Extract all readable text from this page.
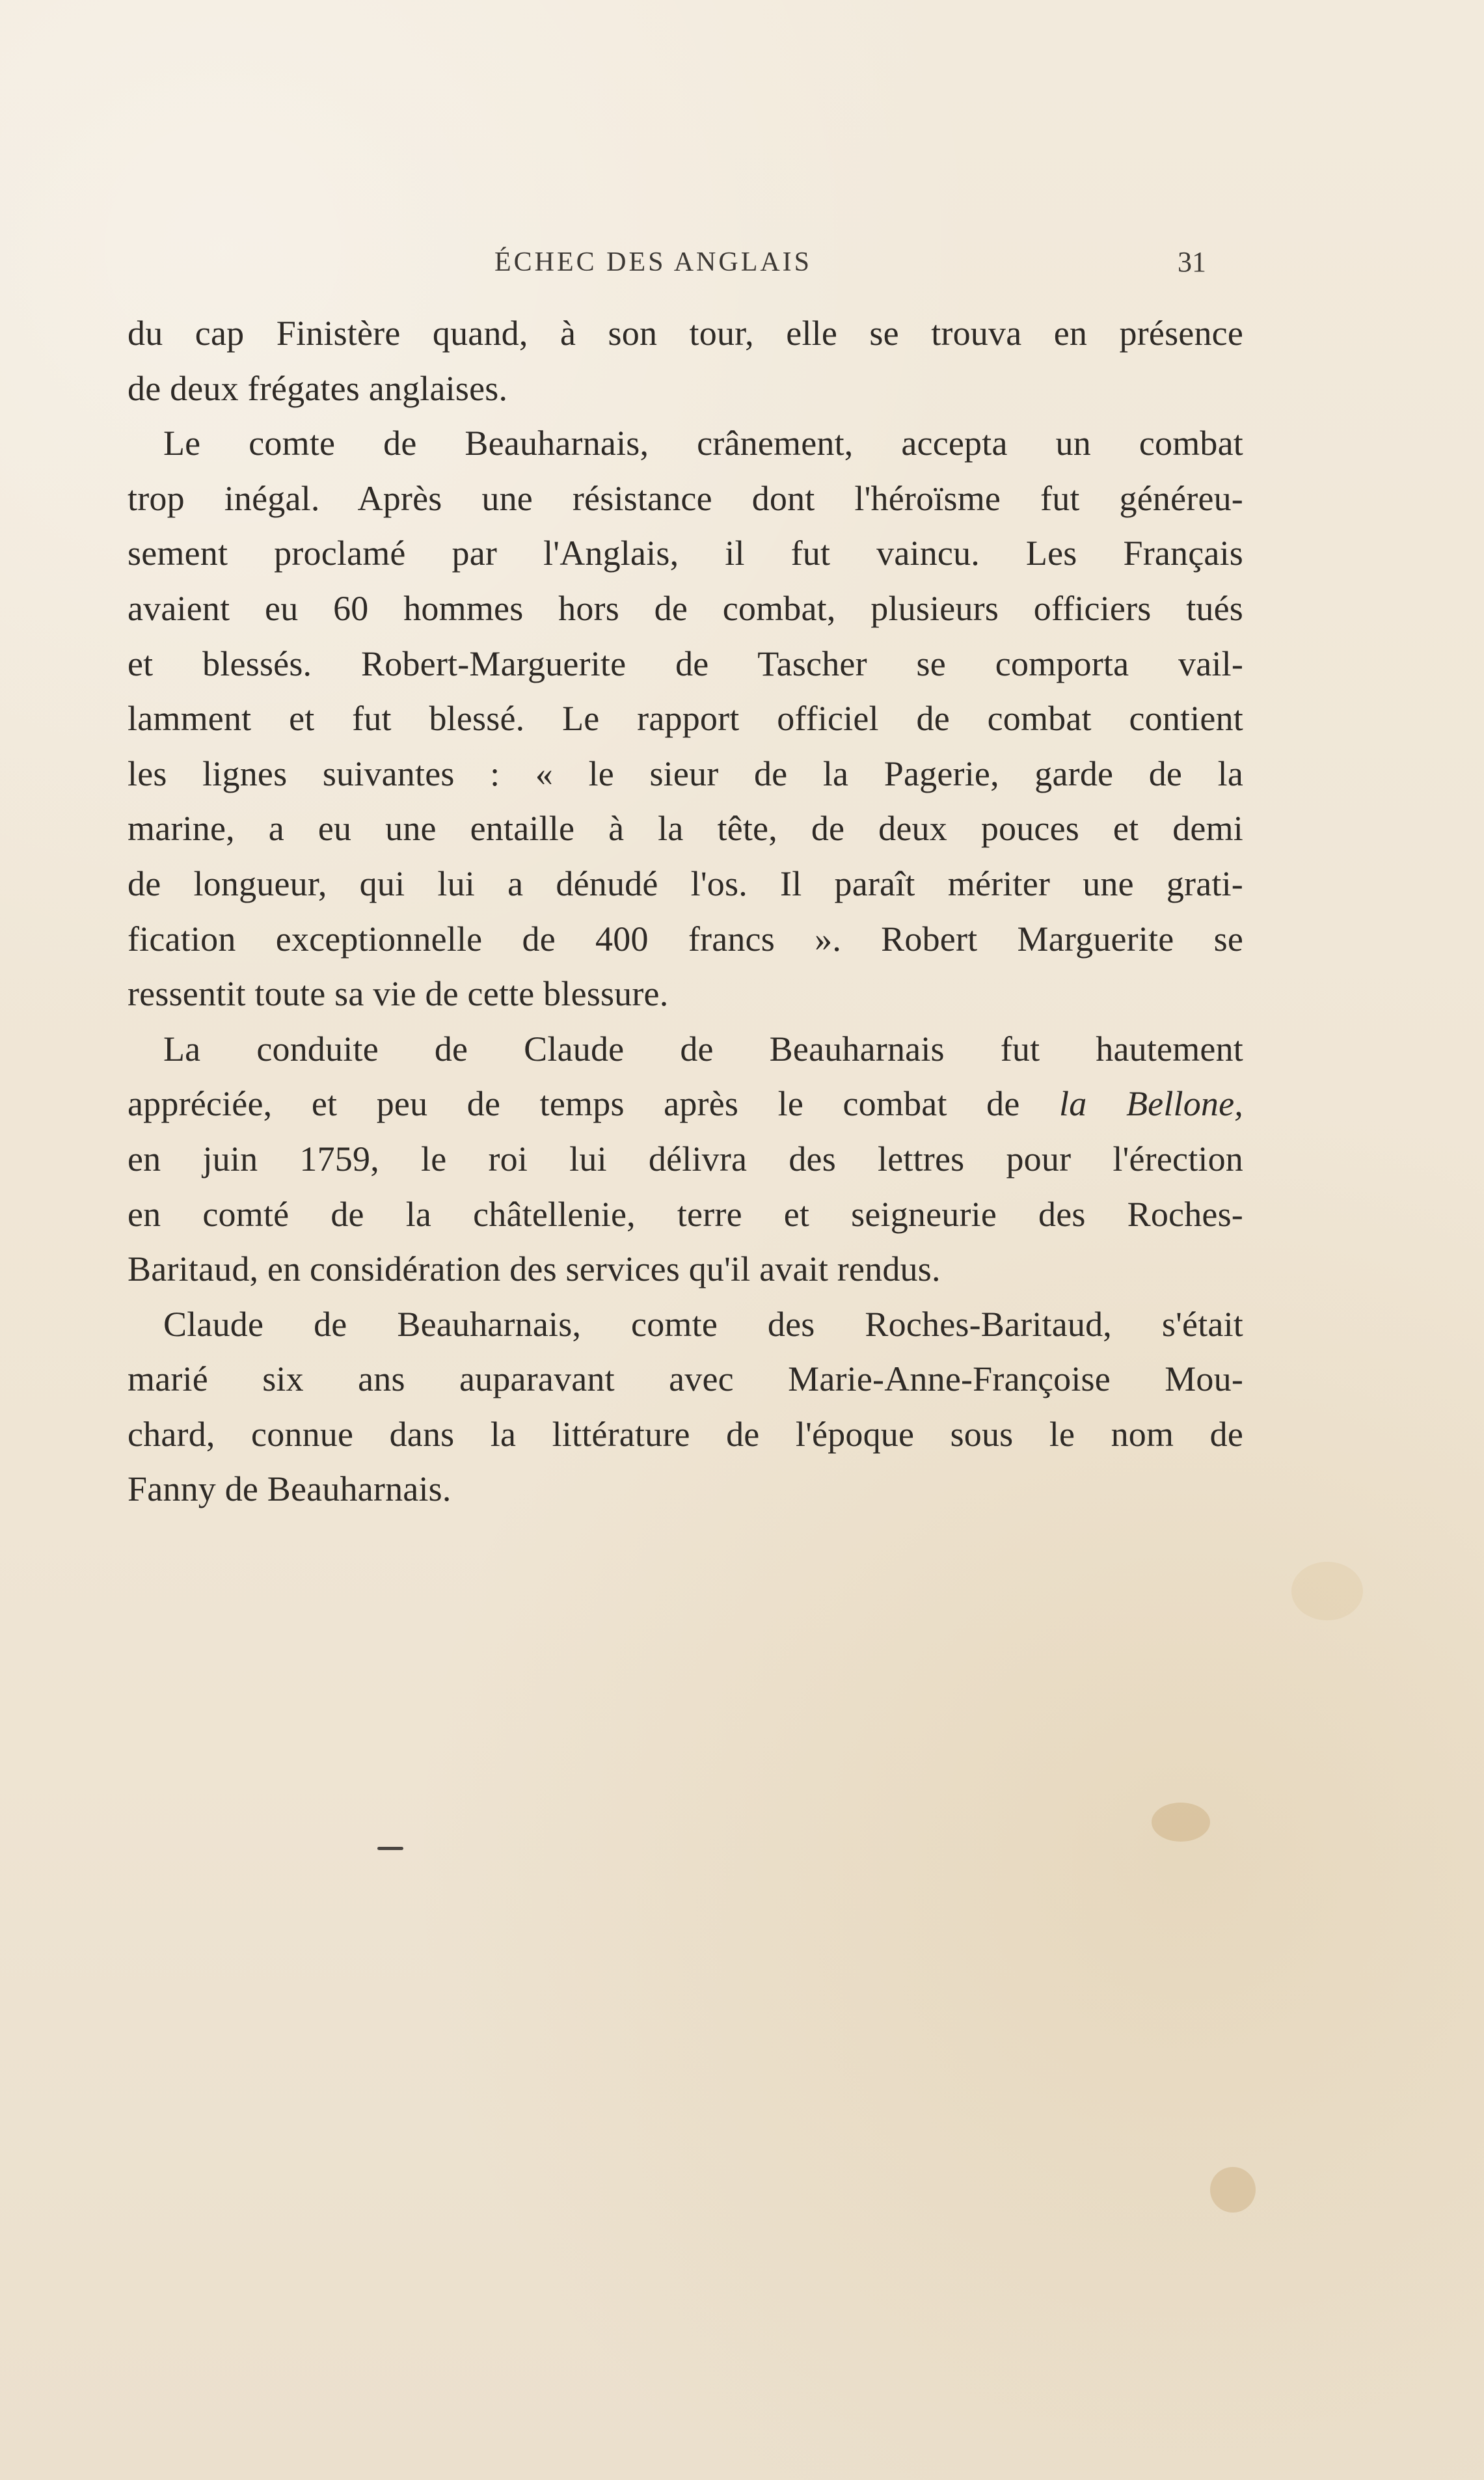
ÉCHEC DES ANGLAIS	31
du cap Finistère quand, à son tour, elle se trouva en présence
de deux frégates anglaises.
Le comte de Beauharnais, crânement, accepta un combat
trop inégal. Après une résistance dont l'héroïsme fut généreu-
sement proclamé par l'Anglais, il fut vaincu. Les Français
avaient eu 60 hommes hors de combat, plusieurs officiers tués
et blessés. Robert-Marguerite de Tascher se comporta vail-
lamment et fut blessé. Le rapport officiel de combat contient
les lignes suivantes : « le sieur de la Pagerie, garde de la
marine, a eu une entaille à la tête, de deux pouces et demi
de longueur, qui lui a dénudé l'os. Il paraît mériter une grati-
fication exceptionnelle de 400 francs ». Robert Marguerite se
ressentit toute sa vie de cette blessure.
La conduite de Claude de Beauharnais fut hautement
appréciée, et peu de temps après le combat de la Bellone,
en juin 1759, le roi lui délivra des lettres pour l'érection
en comté de la châtellenie, terre et seigneurie des Roches-
Baritaud, en considération des services qu'il avait rendus.
Claude de Beauharnais, comte des Roches-Baritaud, s'était
marié six ans auparavant avec Marie-Anne-Françoise Mou-
chard, connue dans la littérature de l'époque sous le nom de
Fanny de Beauharnais.
